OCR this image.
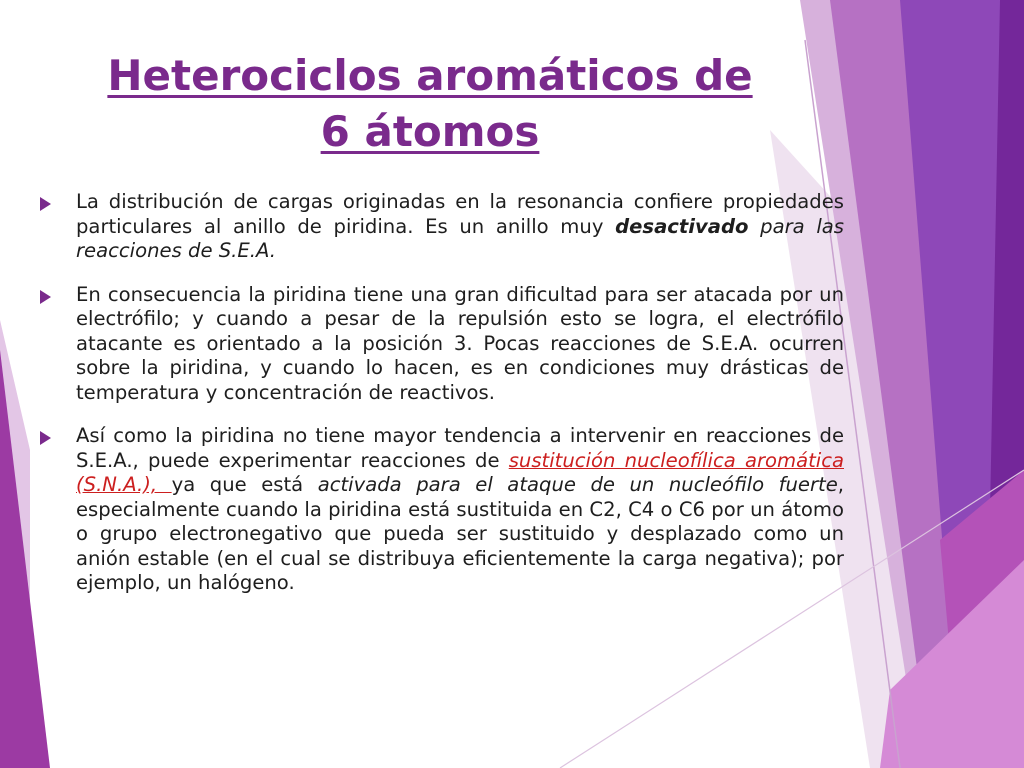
Heterociclos aromáticos de
6 átomos
La distribución de cargas originadas en la resonancia confiere propiedades particulares al anillo de piridina. Es un anillo muy desactivado para las reacciones de S.E.A.
En consecuencia la piridina tiene una gran dificultad para ser atacada por un electrófilo; y cuando a pesar de la repulsión esto se logra, el electrófilo atacante es orientado a la posición 3. Pocas reacciones de S.E.A. ocurren sobre la piridina, y cuando lo hacen, es en condiciones muy drásticas de temperatura y concentración de reactivos.
Así como la piridina no tiene mayor tendencia a intervenir en reacciones de S.E.A., puede experimentar reacciones de sustitución nucleofílica aromática (S.N.A.), ya que está activada para el ataque de un nucleófilo fuerte, especialmente cuando la piridina está sustituida en C2, C4 o C6 por un átomo o grupo electronegativo que pueda ser sustituido y desplazado como un anión estable (en el cual se distribuya eficientemente la carga negativa); por ejemplo, un halógeno.
